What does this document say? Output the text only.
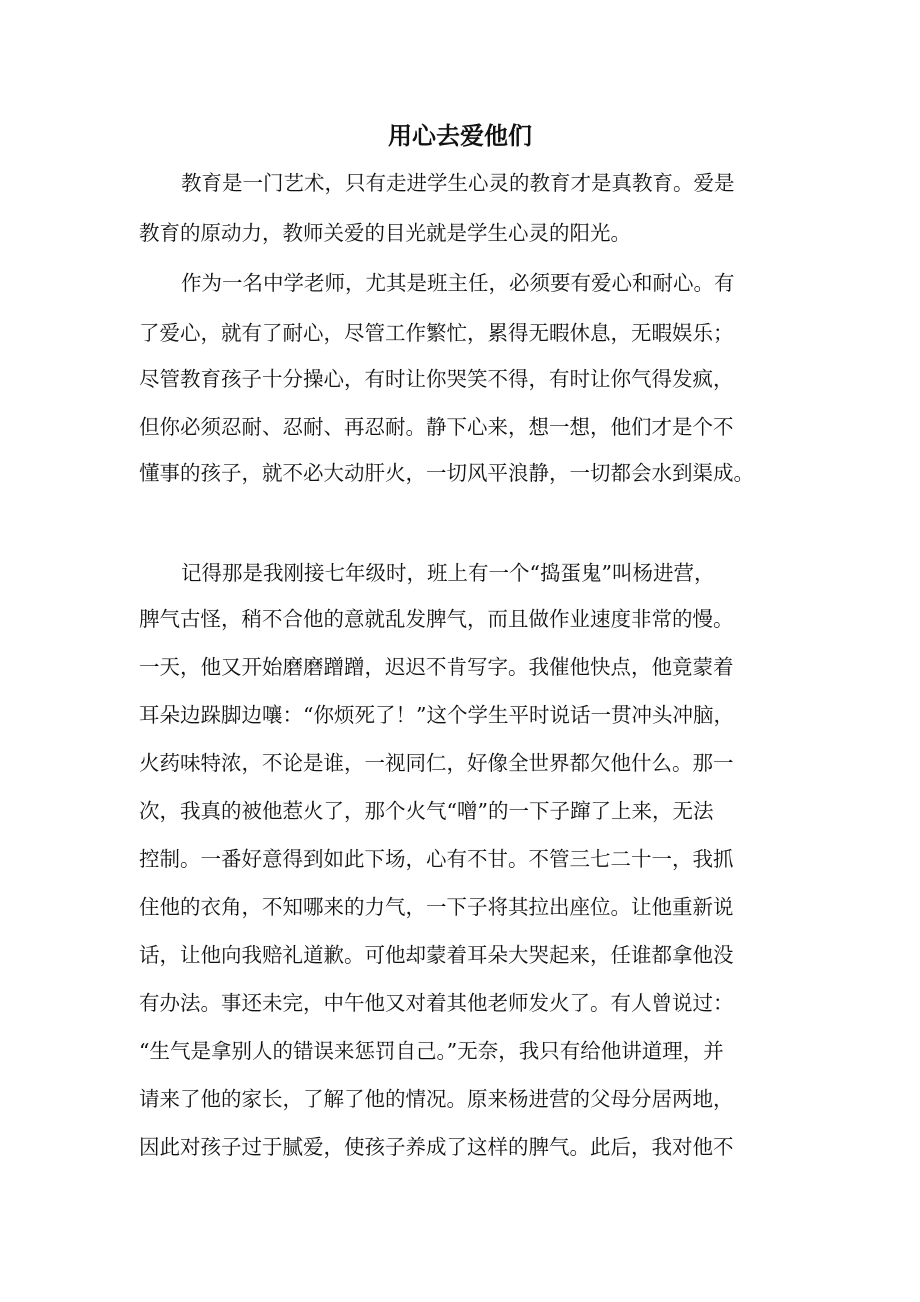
用心去爱他们

教育是一门艺术，只有走进学生心灵的教育才是真教育。爱是

教育的原动力，教师关爱的目光就是学生心灵的阳光。

作为一名中学老师，尤其是班主任，必须要有爱心和耐心。有

了爱心，就有了耐心，尽管工作繁忙，累得无暇休息，无暇娱乐；

尽管教育孩子十分操心，有时让你哭笑不得，有时让你气得发疯，

但你必须忍耐、忍耐、再忍耐。静下心来，想一想，他们才是个不

懂事的孩子，就不必大动肝火，一切风平浪静，一切都会水到渠成。

记得那是我刚接七年级时，班上有一个“捣蛋鬼”叫杨进营，

脾气古怪，稍不合他的意就乱发脾气，而且做作业速度非常的慢。

一天，他又开始磨磨蹭蹭，迟迟不肯写字。我催他快点，他竟蒙着

耳朵边跺脚边嚷：“你烦死了！”这个学生平时说话一贯冲头冲脑，

火药味特浓，不论是谁，一视同仁，好像全世界都欠他什么。那一

次，我真的被他惹火了，那个火气“噌”的一下子蹿了上来，无法

控制。一番好意得到如此下场，心有不甘。不管三七二十一，我抓

住他的衣角，不知哪来的力气，一下子将其拉出座位。让他重新说

话，让他向我赔礼道歉。可他却蒙着耳朵大哭起来，任谁都拿他没

有办法。事还未完，中午他又对着其他老师发火了。有人曾说过：

“生气是拿别人的错误来惩罚自己。”无奈，我只有给他讲道理，并

请来了他的家长，了解了他的情况。原来杨进营的父母分居两地，

因此对孩子过于腻爱，使孩子养成了这样的脾气。此后，我对他不
